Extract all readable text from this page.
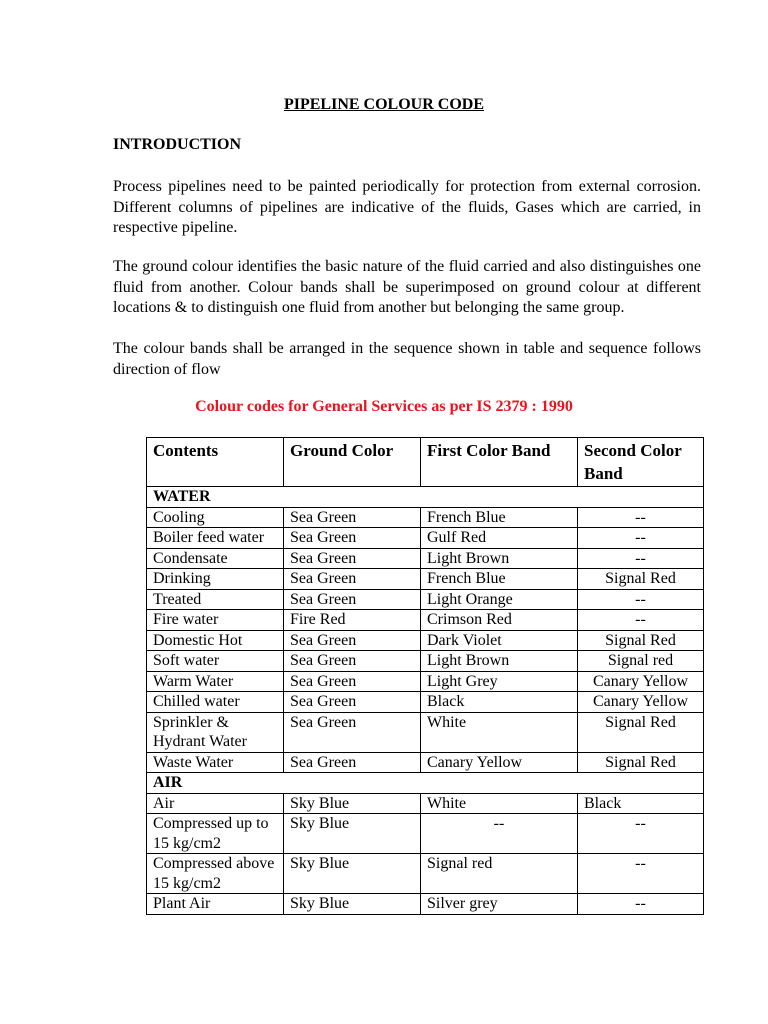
PIPELINE COLOUR CODE
INTRODUCTION
Process pipelines need to be painted periodically for protection from external corrosion. Different columns of pipelines are indicative of the fluids, Gases which are carried, in respective pipeline.
The ground colour identifies the basic nature of the fluid carried and also distinguishes one fluid from another. Colour bands shall be superimposed on ground colour at different locations & to distinguish one fluid from another but belonging the same group.
The colour bands shall be arranged in the sequence shown in table and sequence follows direction of flow
Colour codes for General Services as per IS 2379 : 1990
Contents	Ground Color	First Color Band	Second Color Band
WATER			
Cooling	Sea Green	French Blue	--
Boiler feed water	Sea Green	Gulf Red	--
Condensate	Sea Green	Light Brown	--
Drinking	Sea Green	French Blue	Signal Red
Treated	Sea Green	Light Orange	--
Fire water	Fire Red	Crimson Red	--
Domestic Hot	Sea Green	Dark Violet	Signal Red
Soft water	Sea Green	Light Brown	Signal red
Warm Water	Sea Green	Light Grey	Canary Yellow
Chilled water	Sea Green	Black	Canary Yellow
Sprinkler & Hydrant Water	Sea Green	White	Signal Red
Waste Water	Sea Green	Canary Yellow	Signal Red
AIR			
Air	Sky Blue	White	Black
Compressed up to 15 kg/cm2	Sky Blue	--	--
Compressed above 15 kg/cm2	Sky Blue	Signal red	--
Plant Air	Sky Blue	Silver grey	--
